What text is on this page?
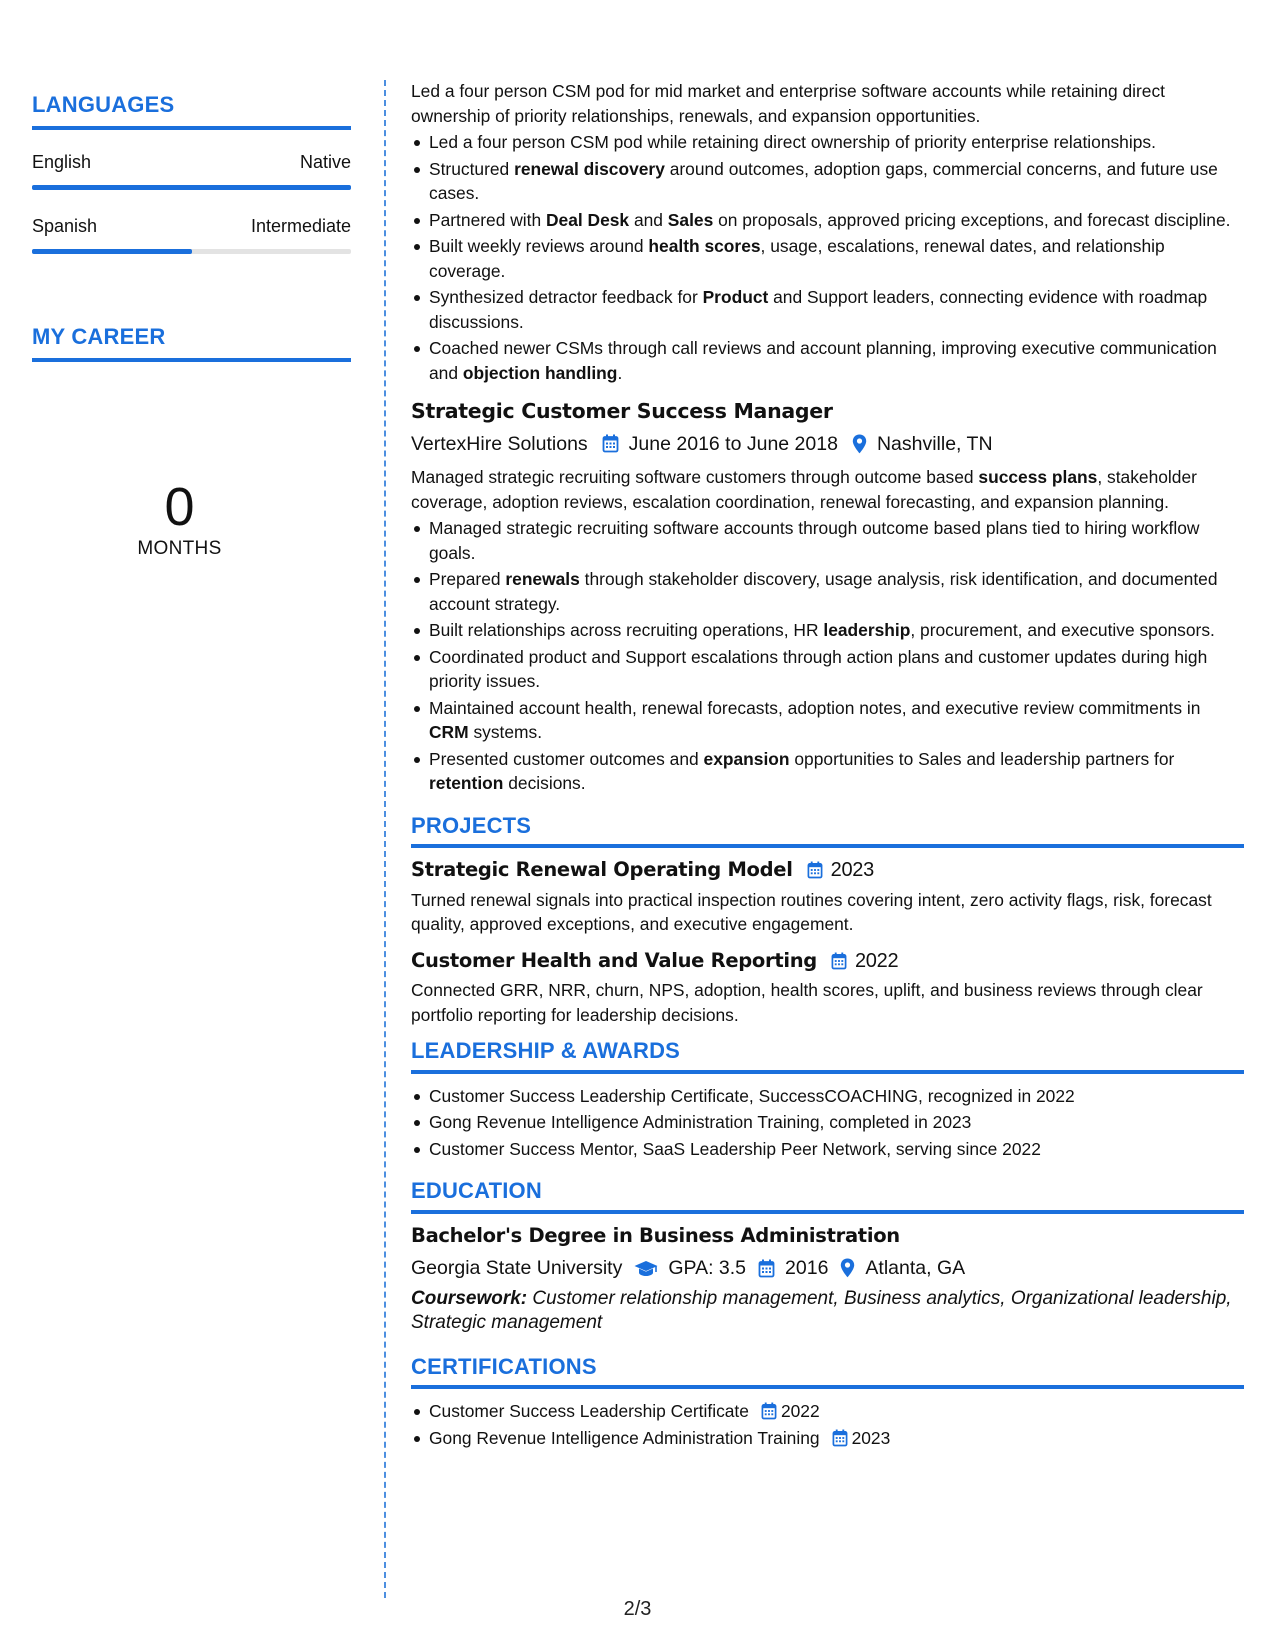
LANGUAGES
English	Native
Spanish	Intermediate
MY CAREER
0
MONTHS
Led a four person CSM pod for mid market and enterprise software accounts while retaining direct ownership of priority relationships, renewals, and expansion opportunities.
Led a four person CSM pod while retaining direct ownership of priority enterprise relationships.
Structured renewal discovery around outcomes, adoption gaps, commercial concerns, and future use cases.
Partnered with Deal Desk and Sales on proposals, approved pricing exceptions, and forecast discipline.
Built weekly reviews around health scores, usage, escalations, renewal dates, and relationship coverage.
Synthesized detractor feedback for Product and Support leaders, connecting evidence with roadmap discussions.
Coached newer CSMs through call reviews and account planning, improving executive communication and objection handling.
Strategic Customer Success Manager
VertexHire Solutions June 2016 to June 2018 Nashville, TN
Managed strategic recruiting software customers through outcome based success plans, stakeholder coverage, adoption reviews, escalation coordination, renewal forecasting, and expansion planning.
Managed strategic recruiting software accounts through outcome based plans tied to hiring workflow goals.
Prepared renewals through stakeholder discovery, usage analysis, risk identification, and documented account strategy.
Built relationships across recruiting operations, HR leadership, procurement, and executive sponsors.
Coordinated product and Support escalations through action plans and customer updates during high priority issues.
Maintained account health, renewal forecasts, adoption notes, and executive review commitments in CRM systems.
Presented customer outcomes and expansion opportunities to Sales and leadership partners for retention decisions.
PROJECTS
Strategic Renewal Operating Model 2023
Turned renewal signals into practical inspection routines covering intent, zero activity flags, risk, forecast quality, approved exceptions, and executive engagement.
Customer Health and Value Reporting 2022
Connected GRR, NRR, churn, NPS, adoption, health scores, uplift, and business reviews through clear portfolio reporting for leadership decisions.
LEADERSHIP & AWARDS
Customer Success Leadership Certificate, SuccessCOACHING, recognized in 2022
Gong Revenue Intelligence Administration Training, completed in 2023
Customer Success Mentor, SaaS Leadership Peer Network, serving since 2022
EDUCATION
Bachelor's Degree in Business Administration
Georgia State University GPA: 3.5 2016 Atlanta, GA
Coursework: Customer relationship management, Business analytics, Organizational leadership, Strategic management
CERTIFICATIONS
Customer Success Leadership Certificate 2022
Gong Revenue Intelligence Administration Training 2023
2/3
